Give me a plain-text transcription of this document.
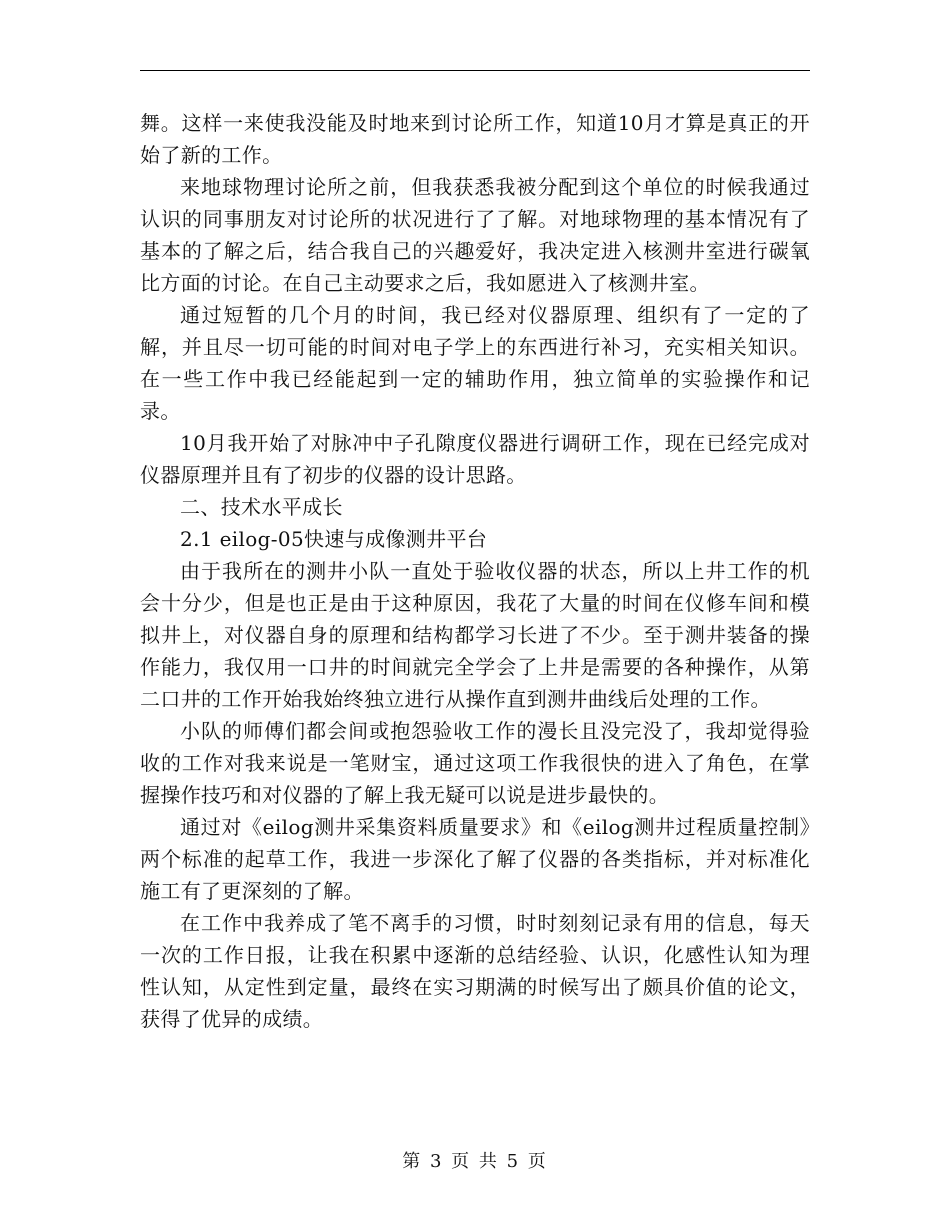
舞。这样一来使我没能及时地来到讨论所工作，知道10月才算是真正的开始了新的工作。

来地球物理讨论所之前，但我获悉我被分配到这个单位的时候我通过认识的同事朋友对讨论所的状况进行了了解。对地球物理的基本情况有了基本的了解之后，结合我自己的兴趣爱好，我决定进入核测井室进行碳氧比方面的讨论。在自己主动要求之后，我如愿进入了核测井室。

通过短暂的几个月的时间，我已经对仪器原理、组织有了一定的了解，并且尽一切可能的时间对电子学上的东西进行补习，充实相关知识。在一些工作中我已经能起到一定的辅助作用，独立简单的实验操作和记录。

10月我开始了对脉冲中子孔隙度仪器进行调研工作，现在已经完成对仪器原理并且有了初步的仪器的设计思路。

二、技术水平成长

2.1 eilog-05快速与成像测井平台

由于我所在的测井小队一直处于验收仪器的状态，所以上井工作的机会十分少，但是也正是由于这种原因，我花了大量的时间在仪修车间和模拟井上，对仪器自身的原理和结构都学习长进了不少。至于测井装备的操作能力，我仅用一口井的时间就完全学会了上井是需要的各种操作，从第二口井的工作开始我始终独立进行从操作直到测井曲线后处理的工作。

小队的师傅们都会间或抱怨验收工作的漫长且没完没了，我却觉得验收的工作对我来说是一笔财宝，通过这项工作我很快的进入了角色，在掌握操作技巧和对仪器的了解上我无疑可以说是进步最快的。

通过对《eilog测井采集资料质量要求》和《eilog测井过程质量控制》两个标准的起草工作，我进一步深化了解了仪器的各类指标，并对标准化施工有了更深刻的了解。

在工作中我养成了笔不离手的习惯，时时刻刻记录有用的信息，每天一次的工作日报，让我在积累中逐渐的总结经验、认识，化感性认知为理性认知，从定性到定量，最终在实习期满的时候写出了颇具价值的论文，获得了优异的成绩。

第 3 页 共 5 页
